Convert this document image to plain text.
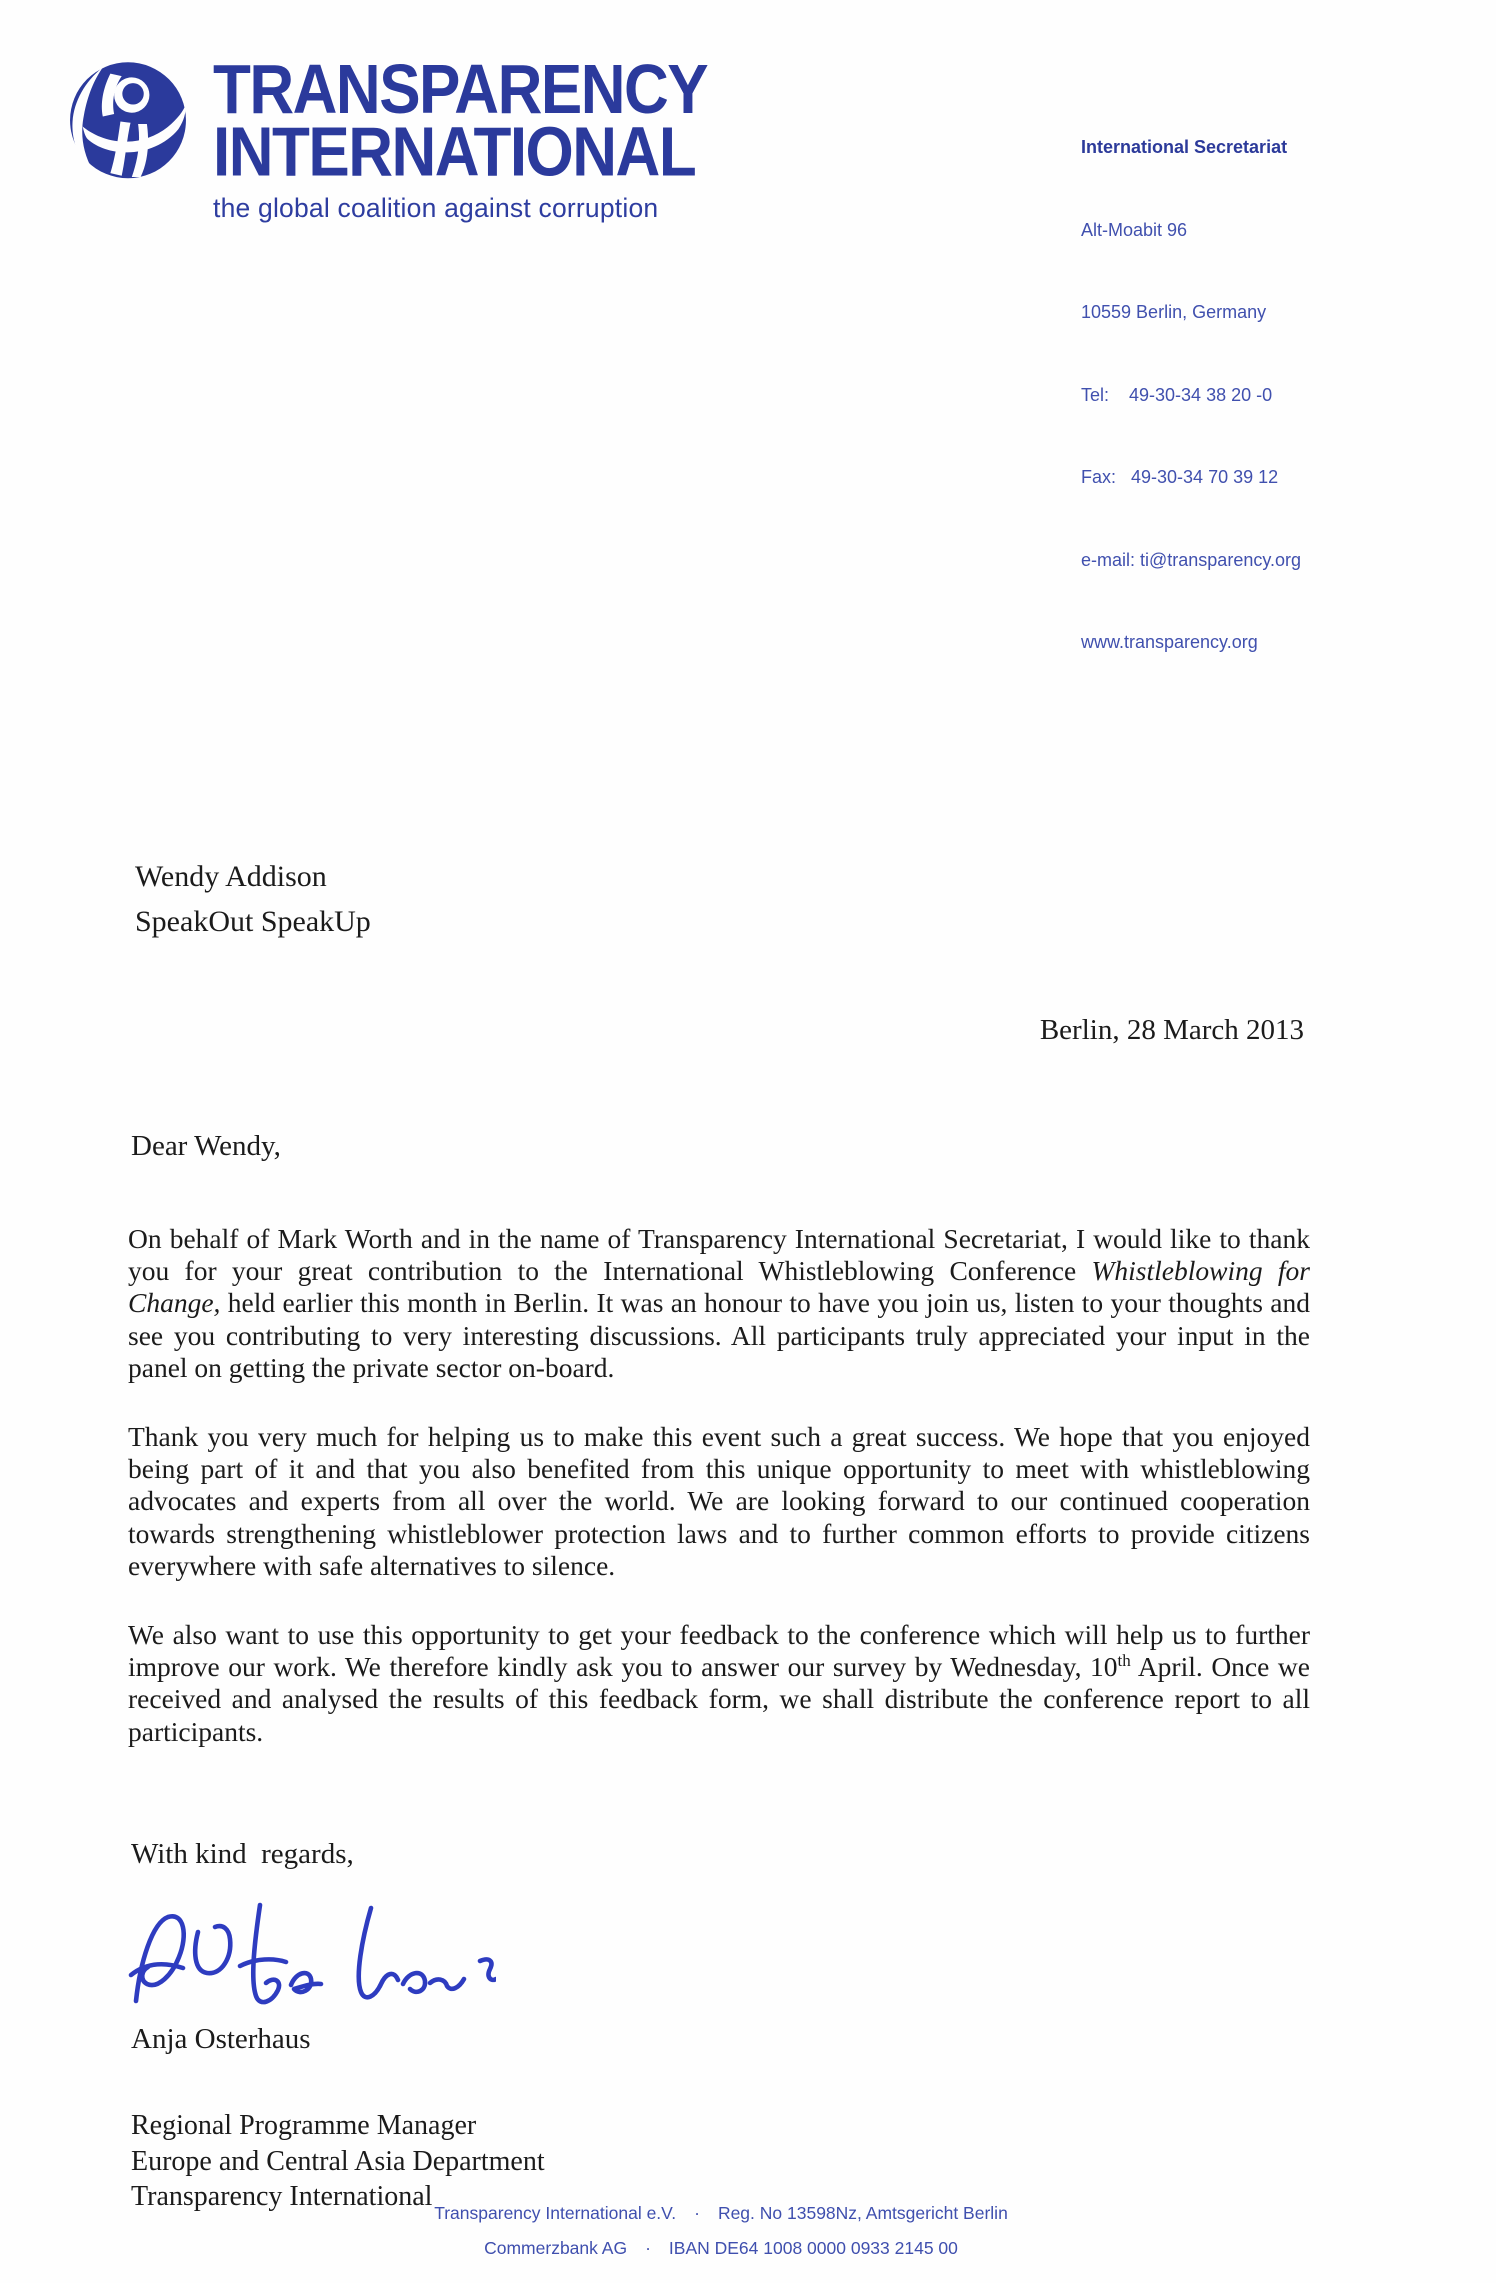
TRANSPARENCY
INTERNATIONAL
the global coalition against corruption

International Secretariat

Alt-Moabit 96

10559 Berlin, Germany

Tel:    49-30-34 38 20 -0

Fax:   49-30-34 70 39 12

e-mail: ti@transparency.org

www.transparency.org

Wendy Addison
SpeakOut SpeakUp
Berlin, 28 March 2013
Dear Wendy,

On behalf of Mark Worth and in the name of Transparency International Secretariat, I would like to thank you for your great contribution to the International Whistleblowing Conference Whistleblowing for Change, held earlier this month in Berlin. It was an honour to have you join us, listen to your thoughts and see you contributing to very interesting discussions. All participants truly appreciated your input in the panel on getting the private sector on-board.

Thank you very much for helping us to make this event such a great success. We hope that you enjoyed being part of it and that you also benefited from this unique opportunity to meet with whistleblowing advocates and experts from all over the world. We are looking forward to our continued cooperation towards strengthening whistleblower protection laws and to further common efforts to provide citizens everywhere with safe alternatives to silence.

We also want to use this opportunity to get your feedback to the conference which will help us to further improve our work. We therefore kindly ask you to answer our survey by Wednesday, 10th April. Once we received and analysed the results of this feedback form, we shall distribute the conference report to all participants.

With kind  regards,
Anja Osterhaus
Regional Programme Manager
Europe and Central Asia Department
Transparency International
Transparency International e.V. · Reg. No 13598Nz, Amtsgericht Berlin
Commerzbank AG · IBAN DE64 1008 0000 0933 2145 00
